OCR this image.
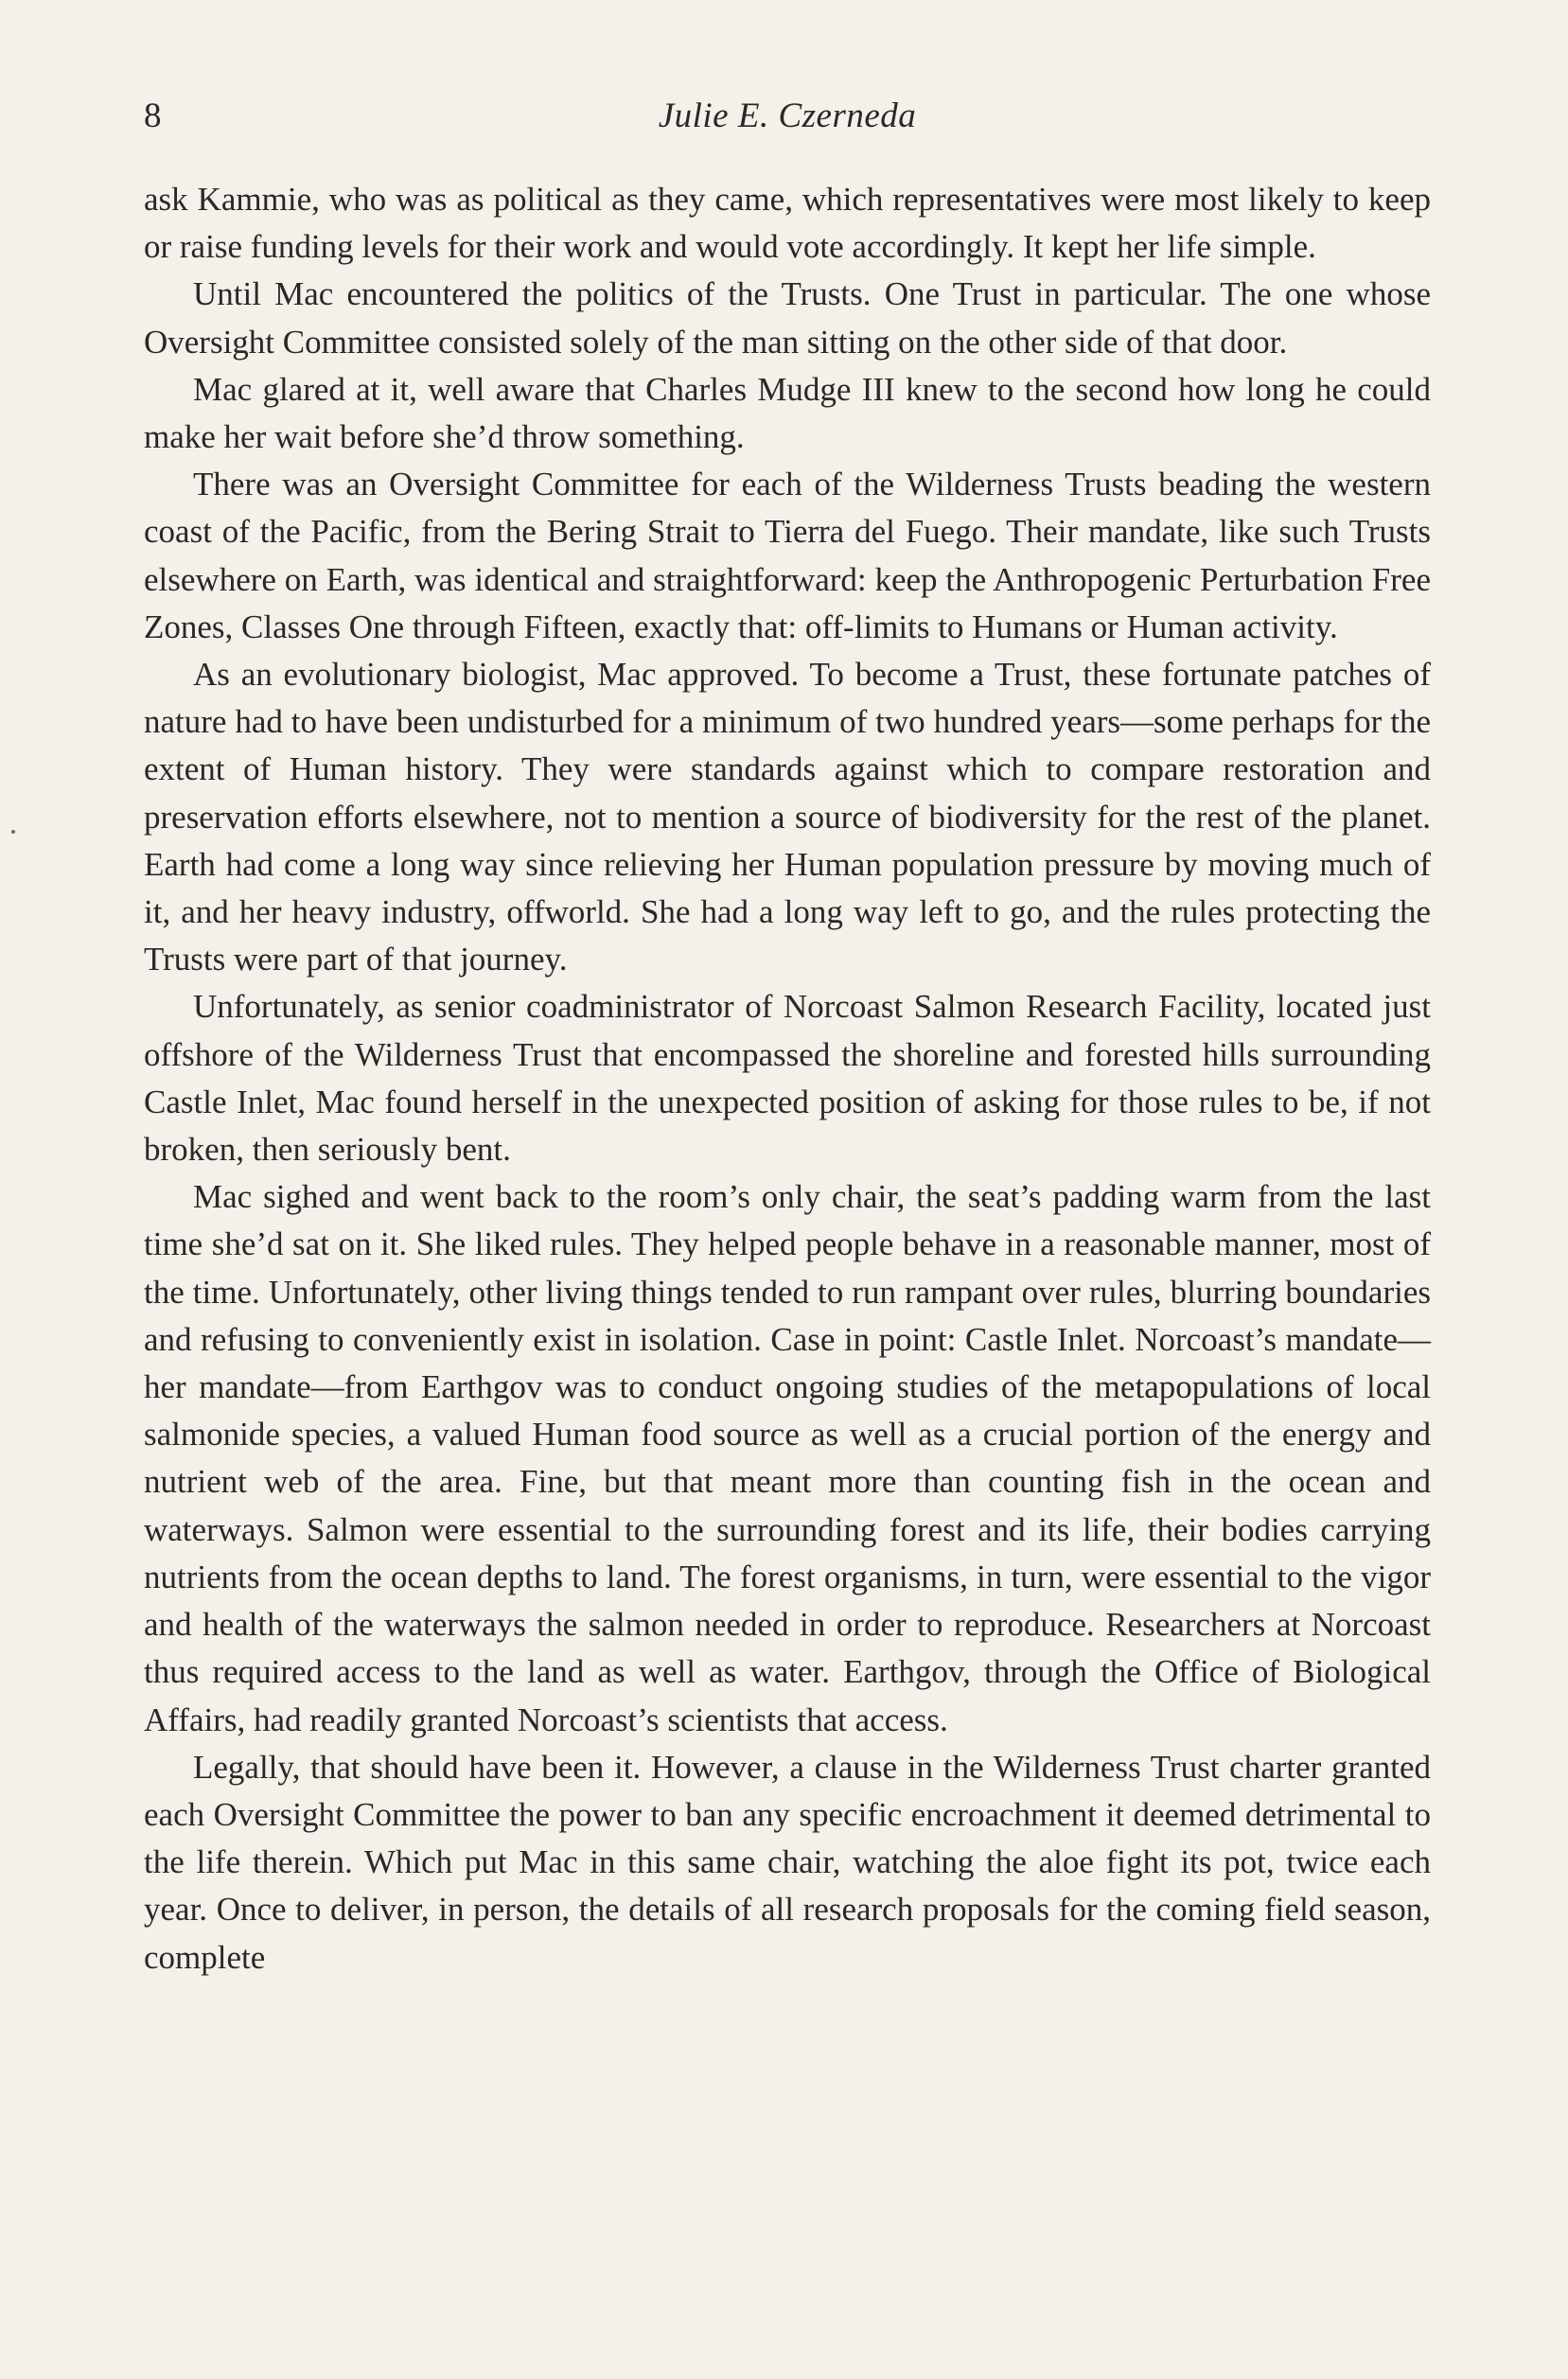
8	Julie E. Czerneda

ask Kammie, who was as political as they came, which representatives were most likely to keep or raise funding levels for their work and would vote accordingly. It kept her life simple.

Until Mac encountered the politics of the Trusts. One Trust in particular. The one whose Oversight Committee consisted solely of the man sitting on the other side of that door.

Mac glared at it, well aware that Charles Mudge III knew to the second how long he could make her wait before she’d throw something.

There was an Oversight Committee for each of the Wilderness Trusts beading the western coast of the Pacific, from the Bering Strait to Tierra del Fuego. Their mandate, like such Trusts elsewhere on Earth, was identical and straightforward: keep the Anthropogenic Perturbation Free Zones, Classes One through Fifteen, exactly that: off-limits to Humans or Human activity.

As an evolutionary biologist, Mac approved. To become a Trust, these fortunate patches of nature had to have been undisturbed for a minimum of two hundred years—some perhaps for the extent of Human history. They were standards against which to compare restoration and preservation efforts elsewhere, not to mention a source of biodiversity for the rest of the planet. Earth had come a long way since relieving her Human population pressure by moving much of it, and her heavy industry, offworld. She had a long way left to go, and the rules protecting the Trusts were part of that journey.

Unfortunately, as senior coadministrator of Norcoast Salmon Research Facility, located just offshore of the Wilderness Trust that encompassed the shoreline and forested hills surrounding Castle Inlet, Mac found herself in the unexpected position of asking for those rules to be, if not broken, then seriously bent.

Mac sighed and went back to the room’s only chair, the seat’s padding warm from the last time she’d sat on it. She liked rules. They helped people behave in a reasonable manner, most of the time. Unfortunately, other living things tended to run rampant over rules, blurring boundaries and refusing to conveniently exist in isolation. Case in point: Castle Inlet. Norcoast’s mandate—her mandate—from Earthgov was to conduct ongoing studies of the metapopulations of local salmonide species, a valued Human food source as well as a crucial portion of the energy and nutrient web of the area. Fine, but that meant more than counting fish in the ocean and waterways. Salmon were essential to the surrounding forest and its life, their bodies carrying nutrients from the ocean depths to land. The forest organisms, in turn, were essential to the vigor and health of the waterways the salmon needed in order to reproduce. Researchers at Norcoast thus required access to the land as well as water. Earthgov, through the Office of Biological Affairs, had readily granted Norcoast’s scientists that access.

Legally, that should have been it. However, a clause in the Wilderness Trust charter granted each Oversight Committee the power to ban any specific encroachment it deemed detrimental to the life therein. Which put Mac in this same chair, watching the aloe fight its pot, twice each year. Once to deliver, in person, the details of all research proposals for the coming field season, complete
